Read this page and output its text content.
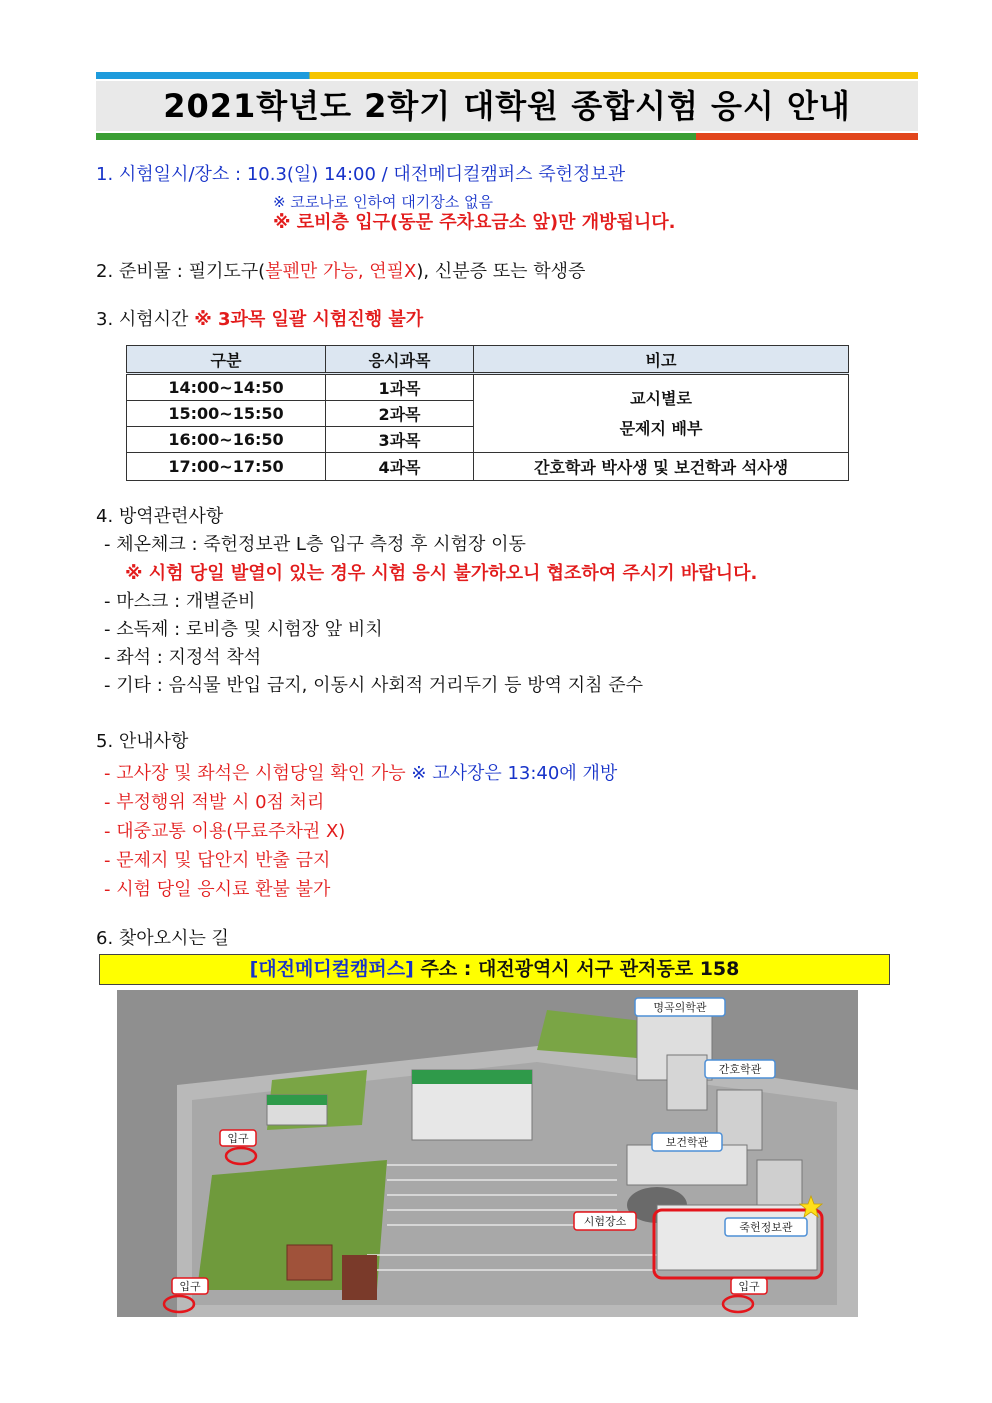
2021학년도 2학기 대학원 종합시험 응시 안내
1. 시험일시/장소 : 10.3(일) 14:00 / 대전메디컬캠퍼스 죽헌정보관
※ 코로나로 인하여 대기장소 없음
※ 로비층 입구(동문 주차요금소 앞)만 개방됩니다.
2. 준비물 : 필기도구(볼펜만 가능, 연필X), 신분증 또는 학생증
3. 시험시간 ※ 3과목 일괄 시험진행 불가
구분	응시과목	비고
14:00~14:50	1과목	교시별로
문제지 배부

15:00~15:50	2과목	
16:00~16:50	3과목	
17:00~17:50	4과목	간호학과 박사생 및 보건학과 석사생
4. 방역관련사항
- 체온체크 : 죽헌정보관 L층 입구 측정 후 시험장 이동
※ 시험 당일 발열이 있는 경우 시험 응시 불가하오니 협조하여 주시기 바랍니다.
- 마스크 : 개별준비
- 소독제 : 로비층 및 시험장 앞 비치
- 좌석 : 지정석 착석
- 기타 : 음식물 반입 금지, 이동시 사회적 거리두기 등 방역 지침 준수
5. 안내사항
- 고사장 및 좌석은 시험당일 확인 가능 ※ 고사장은 13:40에 개방
- 부정행위 적발 시 0점 처리
- 대중교통 이용(무료주차권 X)
- 문제지 및 답안지 반출 금지
- 시험 당일 응시료 환불 불가
6. 찾아오시는 길
[대전메디컬캠퍼스] 주소 : 대전광역시 서구 관저동로 158
명곡의학관
간호학관
보건학관
죽헌정보관
시험장소
입구
입구	입구
